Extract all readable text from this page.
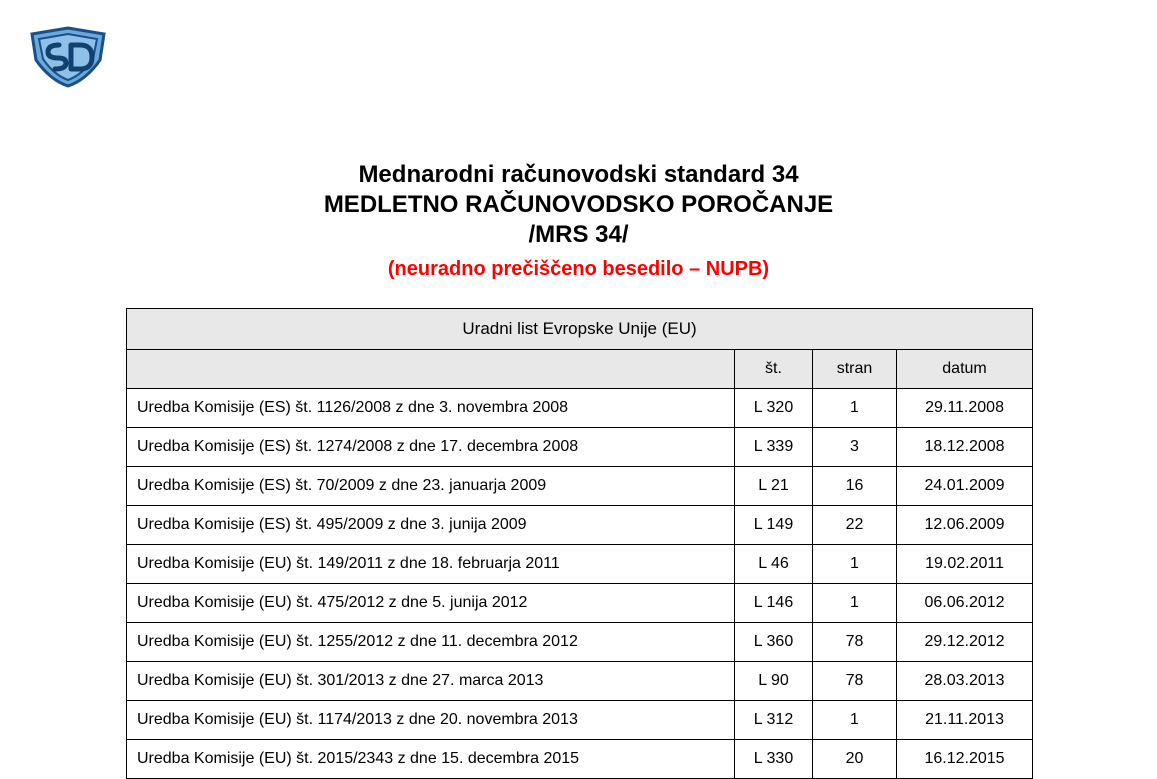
Mednarodni računovodski standard 34
MEDLETNO RAČUNOVODSKO POROČANJE
/MRS 34/
(neuradno prečiščeno besedilo – NUPB)
Uradni list Evropske Unije (EU)			
	št.	stran	datum
Uredba Komisije (ES) št. 1126/2008 z dne 3. novembra 2008	L 320	1	29.11.2008
Uredba Komisije (ES) št. 1274/2008 z dne 17. decembra 2008	L 339	3	18.12.2008
Uredba Komisije (ES) št. 70/2009 z dne 23. januarja 2009	L 21	16	24.01.2009
Uredba Komisije (ES) št. 495/2009 z dne 3. junija 2009	L 149	22	12.06.2009
Uredba Komisije (EU) št. 149/2011 z dne 18. februarja 2011	L 46	1	19.02.2011
Uredba Komisije (EU) št. 475/2012 z dne 5. junija 2012	L 146	1	06.06.2012
Uredba Komisije (EU) št. 1255/2012 z dne 11. decembra 2012	L 360	78	29.12.2012
Uredba Komisije (EU) št. 301/2013 z dne 27. marca 2013	L 90	78	28.03.2013
Uredba Komisije (EU) št. 1174/2013 z dne 20. novembra 2013	L 312	1	21.11.2013
Uredba Komisije (EU) št. 2015/2343 z dne 15. decembra 2015	L 330	20	16.12.2015
